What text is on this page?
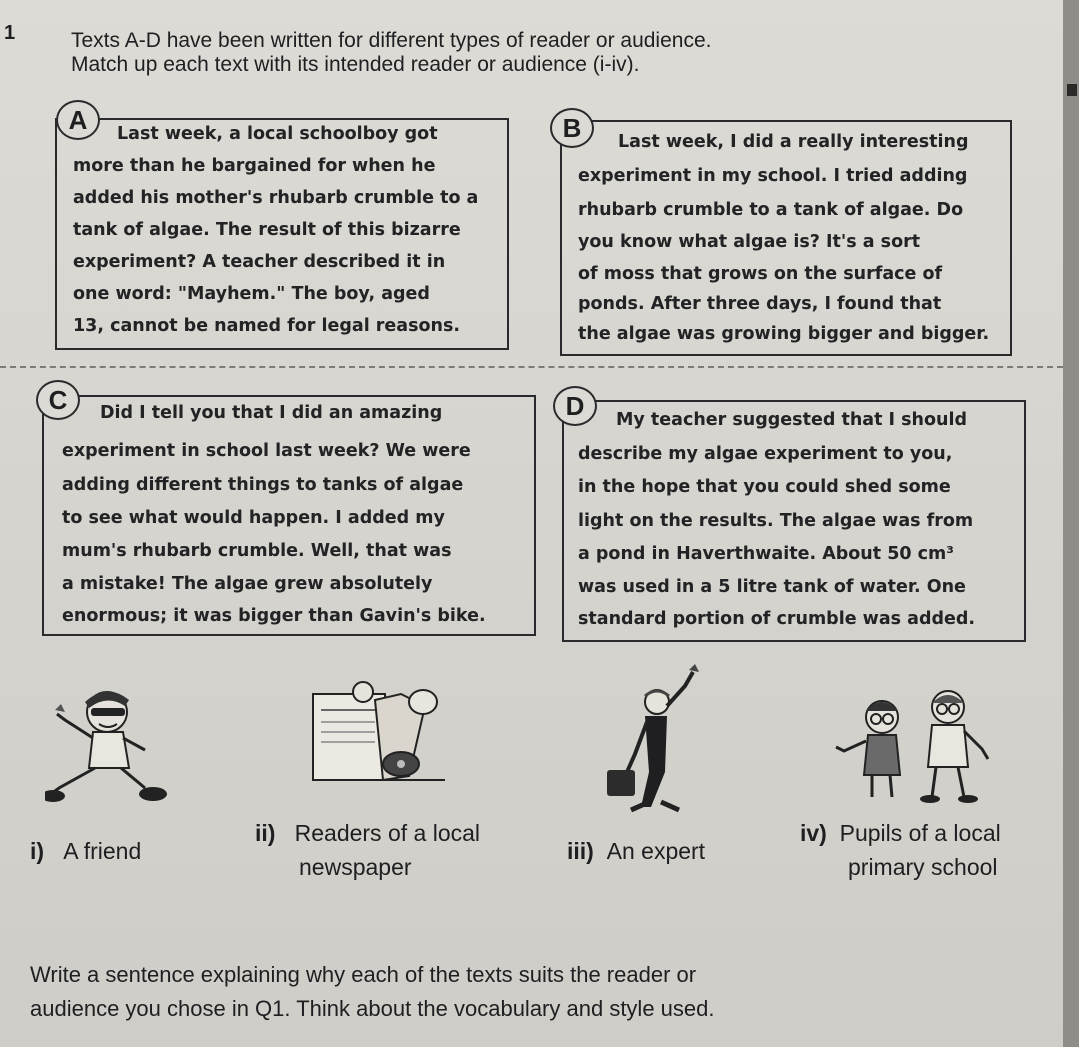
1	Texts A-D have been written for different types of reader or audience.
Match up each text with its intended reader or audience (i-iv).
Last week, a local schoolboy got
more than he bargained for when he
added his mother's rhubarb crumble to a
tank of algae. The result of this bizarre
experiment? A teacher described it in
one word: "Mayhem." The boy, aged
13, cannot be named for legal reasons.
A
Last week, I did a really interesting
experiment in my school. I tried adding
rhubarb crumble to a tank of algae. Do
you know what algae is? It's a sort
of moss that grows on the surface of
ponds. After three days, I found that
the algae was growing bigger and bigger.
B
Did I tell you that I did an amazing
experiment in school last week? We were
adding different things to tanks of algae
to see what would happen. I added my
mum's rhubarb crumble. Well, that was
a mistake! The algae grew absolutely
enormous; it was bigger than Gavin's bike.
C
My teacher suggested that I should
describe my algae experiment to you,
in the hope that you could shed some
light on the results. The algae was from
a pond in Haverthwaite. About 50 cm³
was used in a 5 litre tank of water. One
standard portion of crumble was added.
D
i) A friend
ii) Readers of a local
newspaper
iii) An expert
iv) Pupils of a local
primary school
Write a sentence explaining why each of the texts suits the reader or
audience you chose in Q1. Think about the vocabulary and style used.
